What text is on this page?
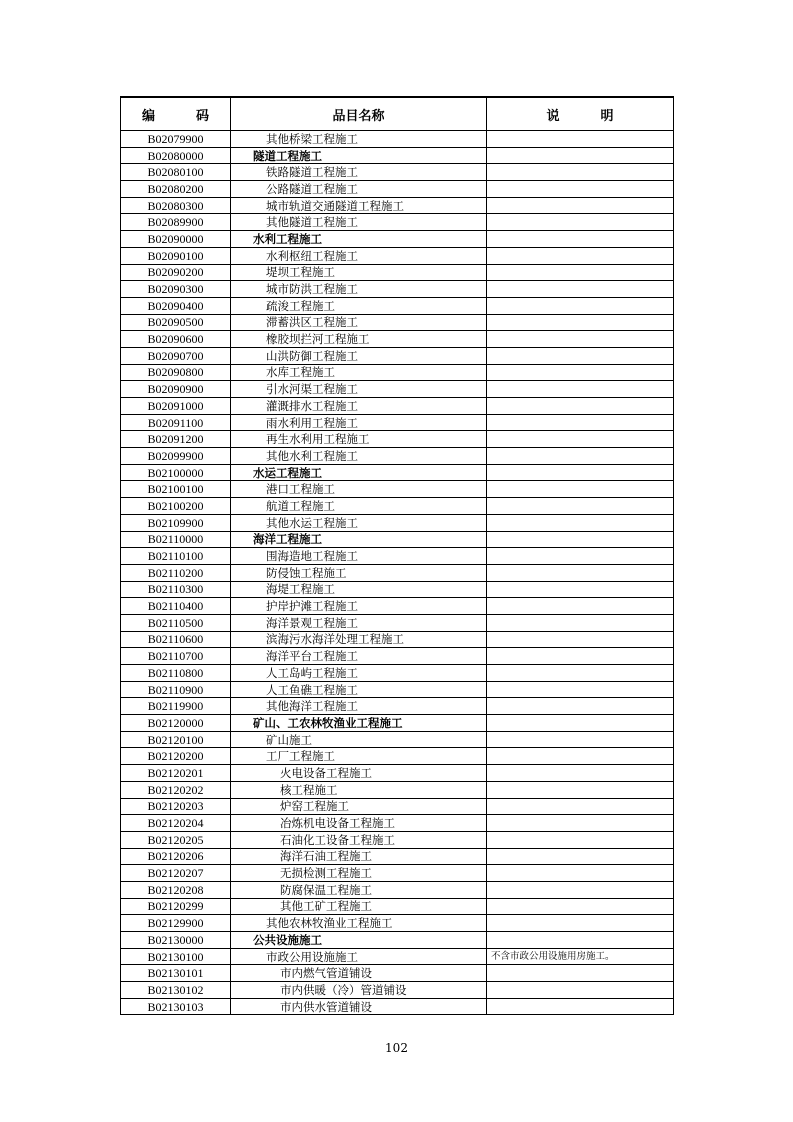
编　码	品目名称	说　明
B02079900	其他桥梁工程施工	
B02080000	隧道工程施工	
B02080100	铁路隧道工程施工	
B02080200	公路隧道工程施工	
B02080300	城市轨道交通隧道工程施工	
B02089900	其他隧道工程施工	
B02090000	水利工程施工	
B02090100	水利枢纽工程施工	
B02090200	堤坝工程施工	
B02090300	城市防洪工程施工	
B02090400	疏浚工程施工	
B02090500	滞蓄洪区工程施工	
B02090600	橡胶坝拦河工程施工	
B02090700	山洪防御工程施工	
B02090800	水库工程施工	
B02090900	引水河渠工程施工	
B02091000	灌溉排水工程施工	
B02091100	雨水利用工程施工	
B02091200	再生水利用工程施工	
B02099900	其他水利工程施工	
B02100000	水运工程施工	
B02100100	港口工程施工	
B02100200	航道工程施工	
B02109900	其他水运工程施工	
B02110000	海洋工程施工	
B02110100	围海造地工程施工	
B02110200	防侵蚀工程施工	
B02110300	海堤工程施工	
B02110400	护岸护滩工程施工	
B02110500	海洋景观工程施工	
B02110600	滨海污水海洋处理工程施工	
B02110700	海洋平台工程施工	
B02110800	人工岛屿工程施工	
B02110900	人工鱼礁工程施工	
B02119900	其他海洋工程施工	
B02120000	矿山、工农林牧渔业工程施工	
B02120100	矿山施工	
B02120200	工厂工程施工	
B02120201	火电设备工程施工	
B02120202	核工程施工	
B02120203	炉窑工程施工	
B02120204	冶炼机电设备工程施工	
B02120205	石油化工设备工程施工	
B02120206	海洋石油工程施工	
B02120207	无损检测工程施工	
B02120208	防腐保温工程施工	
B02120299	其他工矿工程施工	
B02129900	其他农林牧渔业工程施工	
B02130000	公共设施施工	
B02130100	市政公用设施施工	不含市政公用设施用房施工。
B02130101	市内燃气管道铺设	
B02130102	市内供暖（冷）管道铺设	
B02130103	市内供水管道铺设	
102
